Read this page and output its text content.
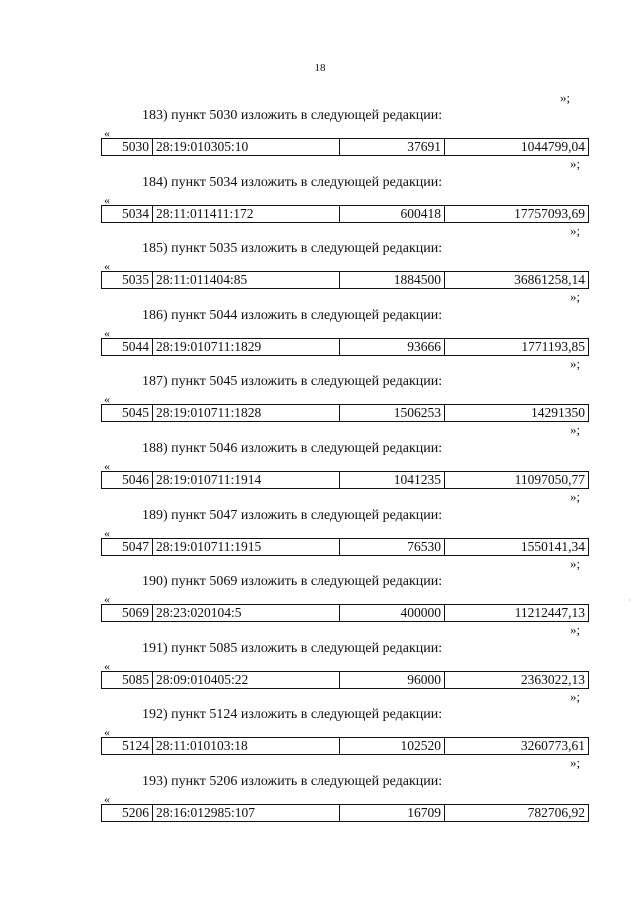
18
»;
183) пункт 5030 изложить в следующей редакции:
«
5030	28:19:010305:10	37691	1044799,04
»;
184) пункт 5034 изложить в следующей редакции:
«
5034	28:11:011411:172	600418	17757093,69
»;
185) пункт 5035 изложить в следующей редакции:
«
5035	28:11:011404:85	1884500	36861258,14
»;
186) пункт 5044 изложить в следующей редакции:
«
5044	28:19:010711:1829	93666	1771193,85
»;
187) пункт 5045 изложить в следующей редакции:
«
5045	28:19:010711:1828	1506253	14291350
»;
188) пункт 5046 изложить в следующей редакции:
«
5046	28:19:010711:1914	1041235	11097050,77
»;
189) пункт 5047 изложить в следующей редакции:
«
5047	28:19:010711:1915	76530	1550141,34
»;
190) пункт 5069 изложить в следующей редакции:
«
5069	28:23:020104:5	400000	11212447,13
»;
191) пункт 5085 изложить в следующей редакции:
«
5085	28:09:010405:22	96000	2363022,13
»;
192) пункт 5124 изложить в следующей редакции:
«
5124	28:11:010103:18	102520	3260773,61
»;
193) пункт 5206 изложить в следующей редакции:
«
5206	28:16:012985:107	16709	782706,92
·
